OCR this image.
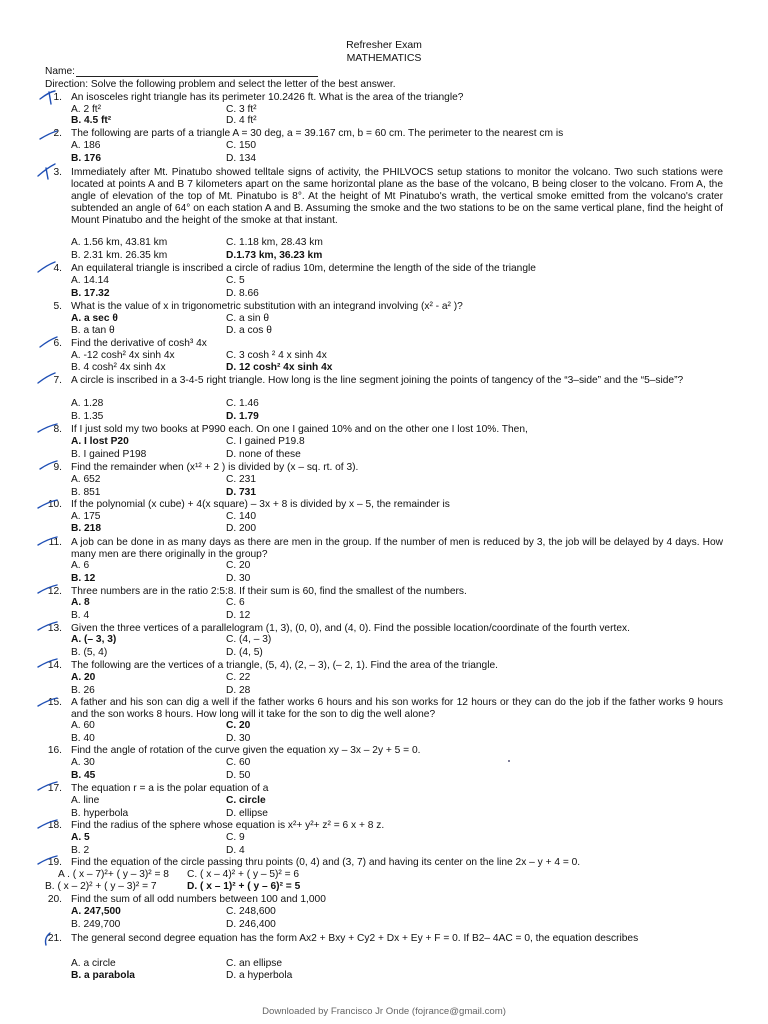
Refresher Exam
MATHEMATICS
Name:
Direction: Solve the following problem and select the letter of the best answer.
1. An isosceles right triangle has its perimeter 10.2426 ft. What is the area of the triangle?
A. 2 ft²	C. 3 ft²
B. 4.5 ft²	D. 4 ft²
2. The following are parts of a triangle A = 30 deg, a = 39.167 cm, b = 60 cm. The perimeter to the nearest cm is
A. 186	C. 150
B. 176	D. 134
3. Immediately after Mt. Pinatubo showed telltale signs of activity, the PHILVOCS setup stations to monitor the volcano. Two such stations were located at points A and B 7 kilometers apart on the same horizontal plane as the base of the volcano, B being closer to the volcano. From A, the angle of elevation of the top of Mt. Pinatubo is 8°. At the height of Mt Pinatubo's wrath, the vertical smoke emitted from the volcano's crater subtended an angle of 64° on each station A and B. Assuming the smoke and the two stations to be on the same vertical plane, find the height of Mount Pinatubo and the height of the smoke at that instant.
A. 1.56 km, 43.81 km	C. 1.18 km, 28.43 km
B. 2.31 km. 26.35 km	D.1.73 km, 36.23 km
4. An equilateral triangle is inscribed a circle of radius 10m, determine the length of the side of the triangle
A. 14.14	C. 5
B. 17.32	D. 8.66
5. What is the value of x in trigonometric substitution with an integrand involving (x² - a² )?
A. a sec θ	C. a sin θ
B. a tan θ	D. a cos θ
6. Find the derivative of cosh³ 4x
A. -12 cosh² 4x sinh 4x	C. 3 cosh ² 4 x sinh 4x
B. 4 cosh² 4x sinh 4x	D. 12 cosh² 4x sinh 4x
7. A circle is inscribed in a 3-4-5 right triangle. How long is the line segment joining the points of tangency of the “3–side” and the “5–side”?
A. 1.28	C. 1.46
B. 1.35	D. 1.79
8. If I just sold my two books at P990 each. On one I gained 10% and on the other one I lost 10%. Then,
A. I lost P20	C. I gained P19.8
B. I gained P198	D. none of these
9. Find the remainder when (x¹² + 2 ) is divided by (x – sq. rt. of 3).
A. 652	C. 231
B. 851	D. 731
10. If the polynomial (x cube) + 4(x square) – 3x + 8 is divided by x – 5, the remainder is
A. 175	C. 140
B. 218	D. 200
11. A job can be done in as many days as there are men in the group. If the number of men is reduced by 3, the job will be delayed by 4 days. How many men are there originally in the group?
A. 6	C. 20
B. 12	D. 30
12. Three numbers are in the ratio 2:5:8. If their sum is 60, find the smallest of the numbers.
A. 8	C. 6
B. 4	D. 12
13. Given the three vertices of a parallelogram (1, 3), (0, 0), and (4, 0). Find the possible location/coordinate of the fourth vertex.
A. (– 3, 3)	C. (4, – 3)
B. (5, 4)	D. (4, 5)
14. The following are the vertices of a triangle, (5, 4), (2, – 3), (– 2, 1). Find the area of the triangle.
A. 20	C. 22
B. 26	D. 28
15. A father and his son can dig a well if the father works 6 hours and his son works for 12 hours or they can do the job if the father works 9 hours and the son works 8 hours. How long will it take for the son to dig the well alone?
A. 60	C. 20
B. 40	D. 30
16. Find the angle of rotation of the curve given the equation xy – 3x – 2y + 5 = 0.
A. 30	C. 60
B. 45	D. 50
17. The equation r = a is the polar equation of a
A. line	C. circle
B. hyperbola	D. ellipse
18. Find the radius of the sphere whose equation is x²+ y²+ z² = 6 x + 8 z.
A. 5	C. 9
B. 2	D. 4
19. Find the equation of the circle passing thru points (0, 4) and (3, 7) and having its center on the line 2x – y + 4 = 0.
A . ( x – 7)²+ ( y – 3)² = 8 C. ( x – 4)² + ( y – 5)² = 6
B. ( x – 2)² + ( y – 3)² = 7	D. ( x – 1)² + ( y – 6)² = 5
20. Find the sum of all odd numbers between 100 and 1,000
A. 247,500	C. 248,600
B. 249,700	D. 246,400
21. The general second degree equation has the form Ax2 + Bxy + Cy2 + Dx + Ey + F = 0. If B2– 4AC = 0, the equation describes
A. a circle	C. an ellipse
B. a parabola	D. a hyperbola
Downloaded by Francisco Jr Onde (fojrance@gmail.com)
